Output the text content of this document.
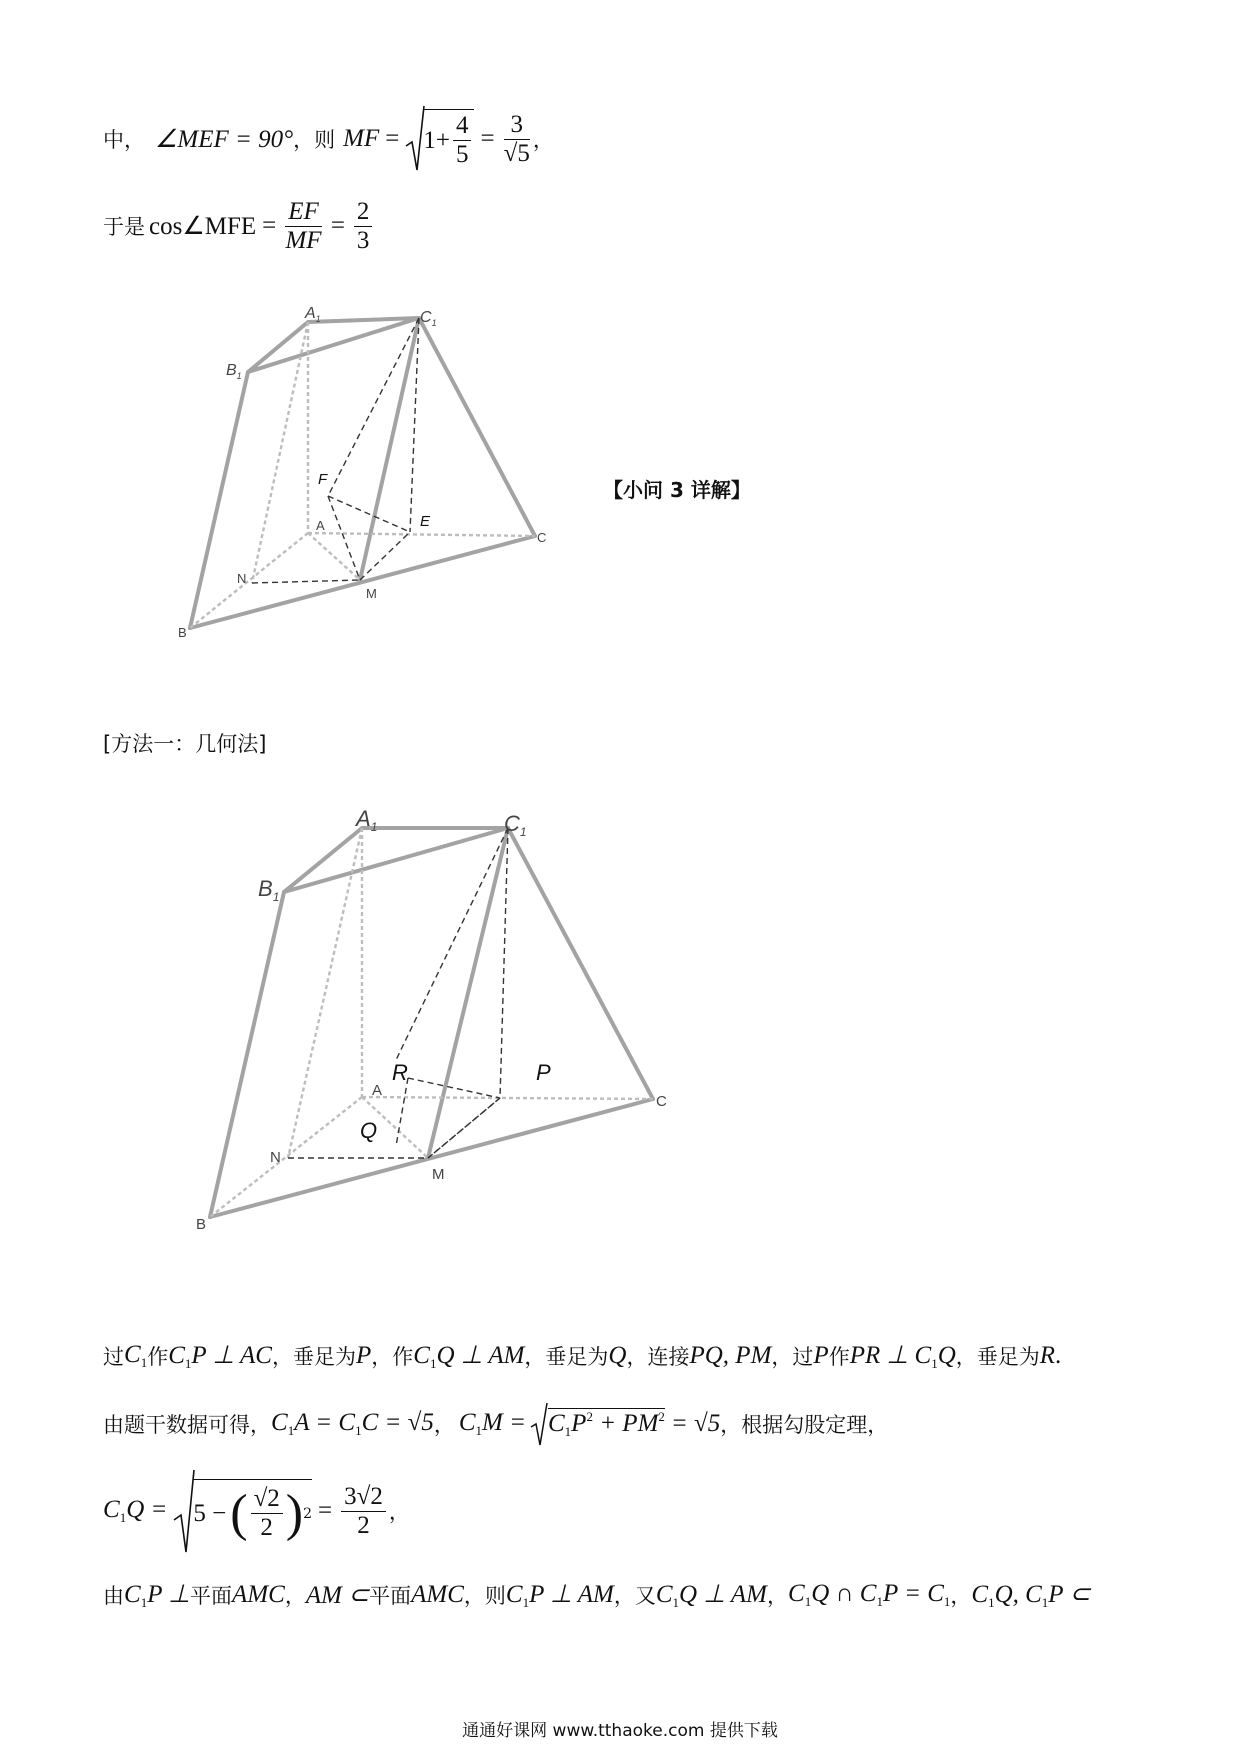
中， ∠MEF = 90° ，则 MF = $1+ \frac{4}{5} = \frac{3}{√5}$ ，
于是 cos∠MFE = $\frac{EF}{MF} = \frac{2}{3}$
$A_1$	$C_1$
$B_1$
F
A	E
C
N
M
B
【小问 3 详解】
[方法一：几何法]
$A_1$	$C_1$
$B_1$
R	P
A
C
Q
N
M
B
过 $C_1$ 作 $C_1P$ ⊥ AC ，垂足为 P ，作 $C_1Q$ ⊥ AM ，垂足为 Q ，连接 PQ, PM ，过 P 作 PR ⊥ $C_1Q$ ，垂足为 R .
由题干数据可得， $C_1A = C_1C = √5$ ， $C_1M = C_1P^2 + PM^2 = √5$ ，根据勾股定理，
$C_1Q = 5$ − ( $\frac{√2}{2}$ ) $2 = \frac{3√2}{2}$ ，
由 $C_1P$ ⊥ 平面 AMC ， AM ⊂ 平面 AMC ，则 $C_1P$ ⊥ AM ，又 $C_1Q$ ⊥ AM ， $C_1Q$ ∩ $C_1P = C_1$ ， $C_1Q$, $C_1P$ ⊂
通通好课网 www.tthaoke.com 提供下载
